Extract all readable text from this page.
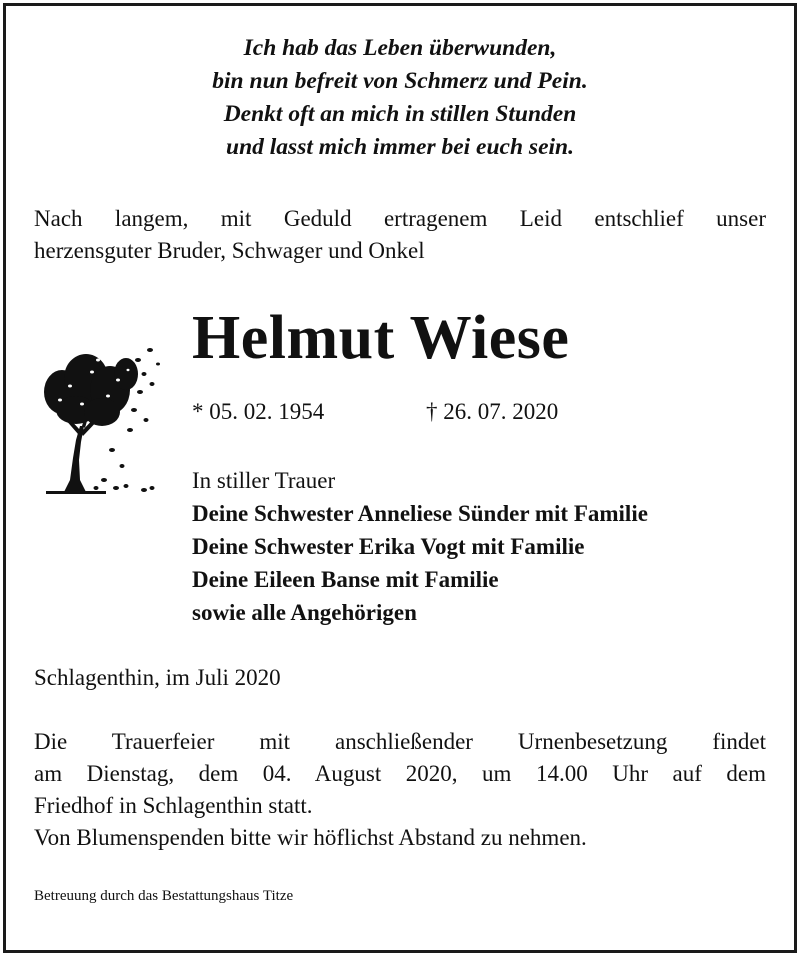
Ich hab das Leben überwunden,
bin nun befreit von Schmerz und Pein.
Denkt oft an mich in stillen Stunden
und lasst mich immer bei euch sein.
Nach langem, mit Geduld ertragenem Leid entschlief unser
herzensguter Bruder, Schwager und Onkel
Helmut Wiese
* 05. 02. 1954	† 26. 07. 2020
In stiller Trauer
Deine Schwester Anneliese Sünder mit Familie
Deine Schwester Erika Vogt mit Familie
Deine Eileen Banse mit Familie
sowie alle Angehörigen
Schlagenthin, im Juli 2020
Die Trauerfeier mit anschließender Urnenbesetzung findet
am Dienstag, dem 04. August 2020, um 14.00 Uhr auf dem
Friedhof in Schlagenthin statt.
Von Blumenspenden bitte wir höflichst Abstand zu nehmen.
Betreuung durch das Bestattungshaus Titze
